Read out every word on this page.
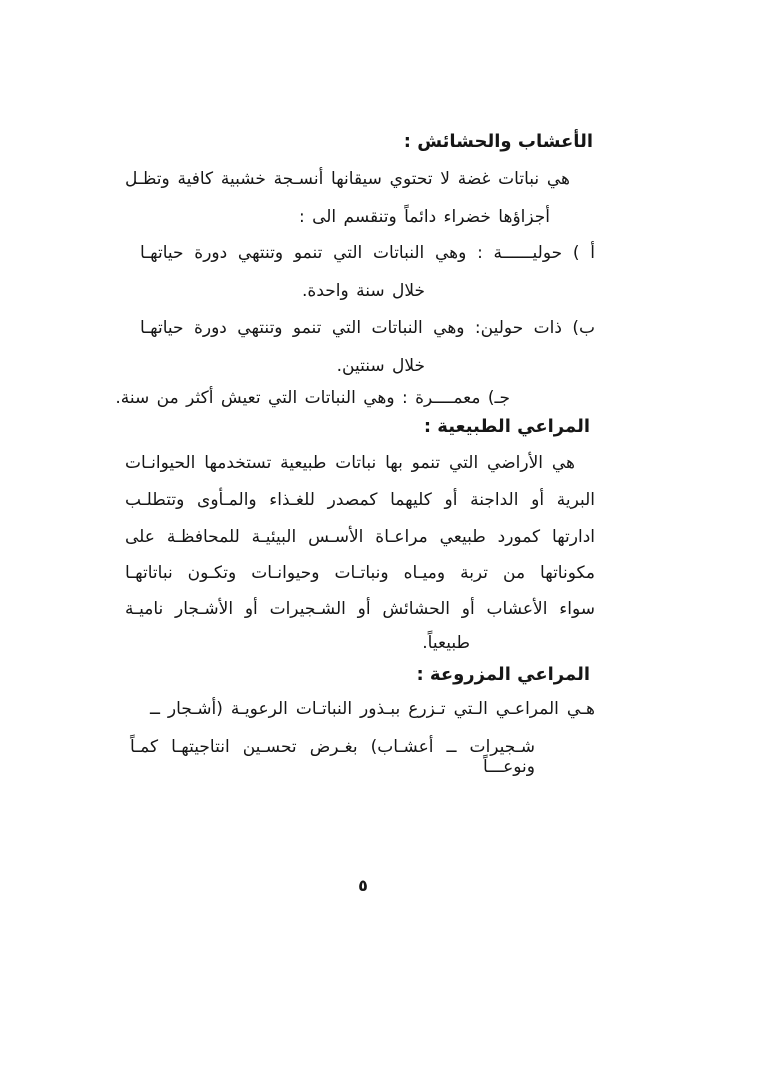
الأعشاب والحشائش :
هي نباتات غضة لا تحتوي سيقانها أنسـجة خشبية كافية وتظـل
أجزاؤها خضراء دائماً وتنقسم الى :
أ ) حوليــــــة : وهي النباتات التي تنمو وتنتهي دورة حياتهـا
خلال سنة واحدة.
ب) ذات حولين: وهي النباتات التي تنمو وتنتهي دورة حياتهـا
خلال سنتين.
جـ) معمــــرة : وهي النباتات التي تعيش أكثر من سنة.
المراعي الطبيعية :
هي الأراضي التي تنمو بها نباتات طبيعية تستخدمها الحيوانـات
البرية أو الداجنة أو كليهما كمصدر للغـذاء والمـأوى وتتطلـب
ادارتها كمورد طبيعي مراعـاة الأسـس البيئيـة للمحافظـة على
مكوناتها من تربة وميـاه ونباتـات وحيوانـات وتكـون نباتاتهـا
سواء الأعشاب أو الحشائش أو الشـجيرات أو الأشـجار ناميـة
طبيعياً.
المراعي المزروعة :
هـي المراعـي الـتي تـزرع ببـذور النباتـات الرعويـة (أشـجار ــ
شـجيرات ــ أعشـاب) بغـرض تحسـين انتاجيتهـا كمـاً ونوعـــاً
٥
